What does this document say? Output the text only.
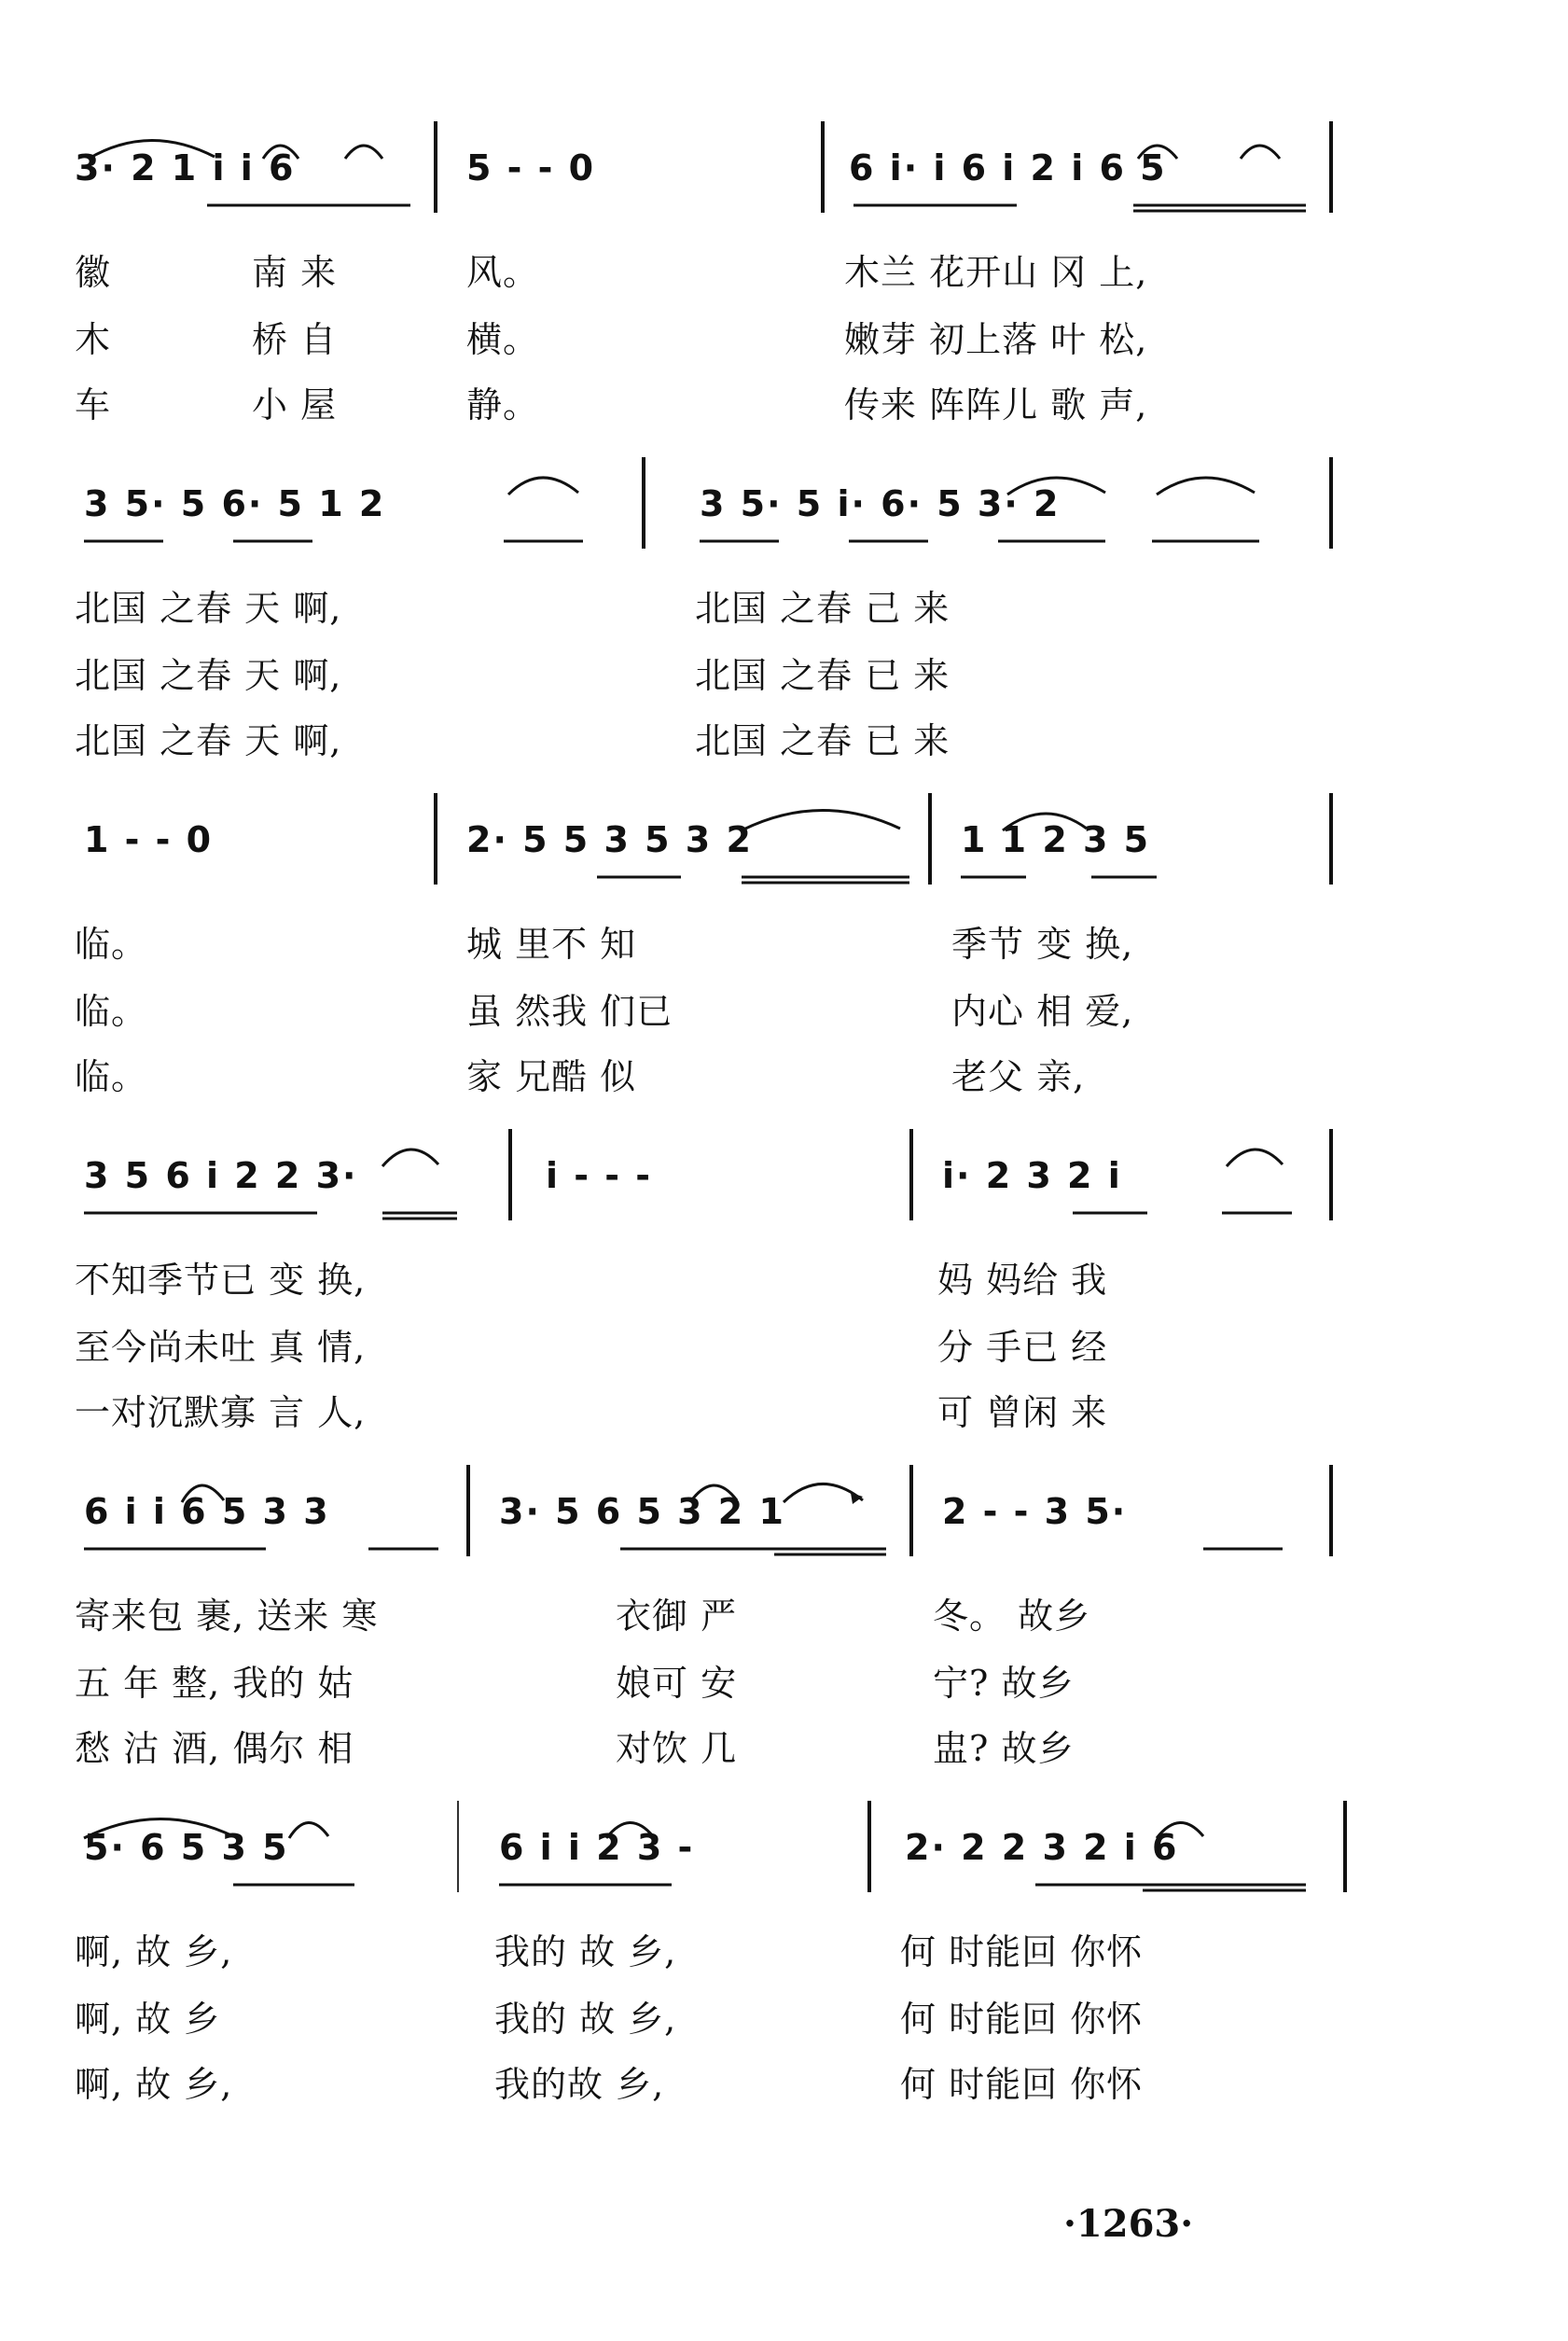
3· 2 1 i i 6	5 - - 0	6 i· i 6 i 2 i 6 5
徽	南 来	风。	木兰 花开山 冈 上,
木	桥 自	横。	嫩芽 初上落 叶 松,
车	小 屋	静。	传来 阵阵儿 歌 声,
3 5· 5 6· 5 1 2	3 5· 5 i· 6· 5 3· 2
北国 之春 天 啊,	北国 之春 己 来
北国 之春 天 啊,	北国 之春 已 来
北国 之春 天 啊,	北国 之春 已 来
1 - - 0	2· 5 5 3 5 3 2	1 1 2 3 5
临。	城 里不 知	季节 变 换,
临。	虽 然我 们已	内心 相 爱,
临。	家 兄酷 似	老父 亲,
3 5 6 i 2 2 3·	i - - -	i· 2 3 2 i
不知季节已 变 换,	妈 妈给 我
至今尚未吐 真 情,	分 手已 经
一对沉默寡 言 人,	可 曾闲 来
6 i i 6 5 3 3	3· 5 6 5 3 2 1	2 - - 3 5·
寄来包 裹, 送来 寒	衣御 严	冬。 故乡
五 年 整, 我的 姑	娘可 安	宁? 故乡
愁 沽 酒, 偶尔 相	对饮 几	盅? 故乡
5· 6 5 3 5	6 i i 2 3 -	2· 2 2 3 2 i 6
啊, 故 乡,	我的 故 乡,	何 时能回 你怀
啊, 故 乡	我的 故 乡,	何 时能回 你怀
啊, 故 乡,	我的故 乡,	何 时能回 你怀
·1263·
